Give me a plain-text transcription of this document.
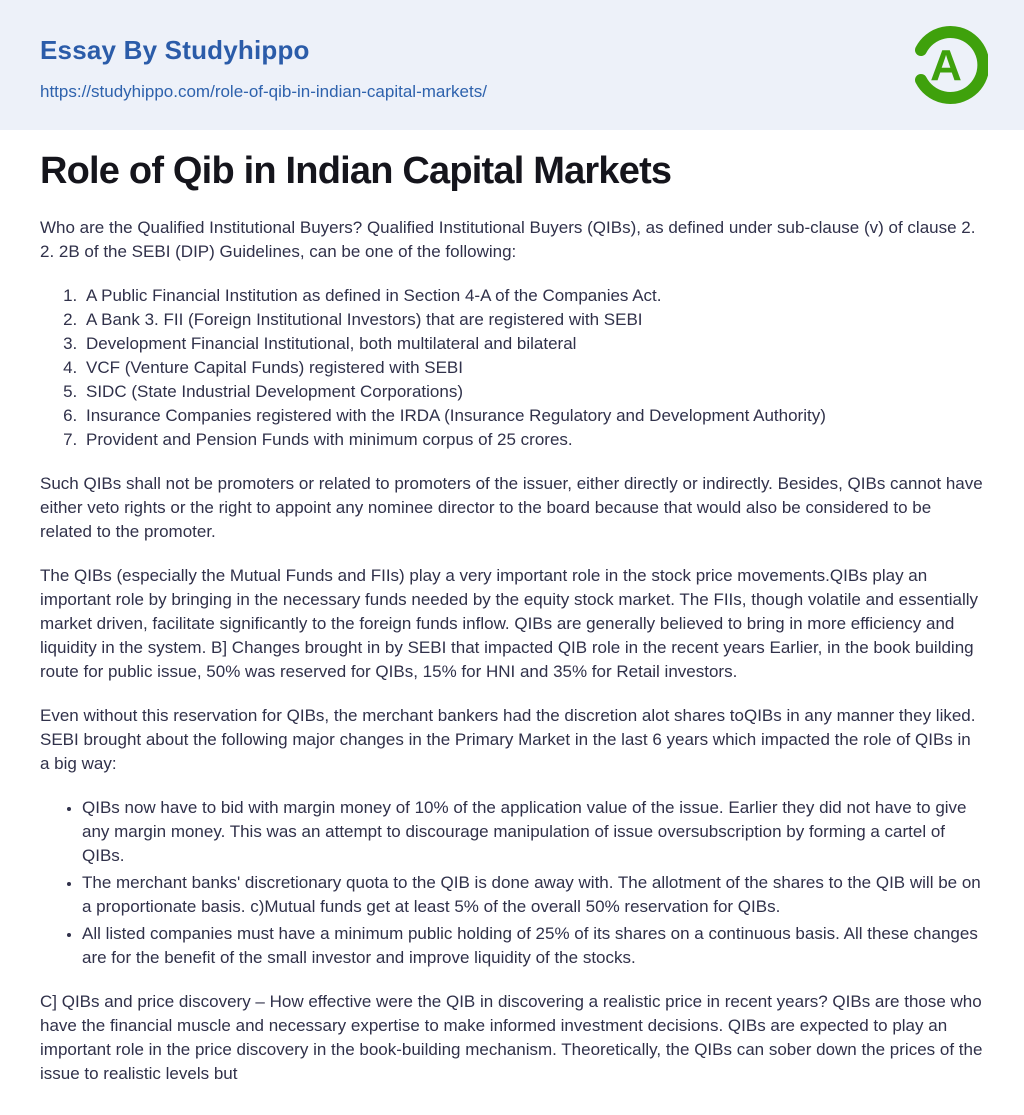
Essay By Studyhippo
https://studyhippo.com/role-of-qib-in-indian-capital-markets/
A
Role of Qib in Indian Capital Markets

Who are the Qualified Institutional Buyers? Qualified Institutional Buyers (QIBs), as defined under sub-clause (v) of clause 2. 2. 2B of the SEBI (DIP) Guidelines, can be one of the following:

1. A Public Financial Institution as defined in Section 4-A of the Companies Act.
2. A Bank 3. FII (Foreign Institutional Investors) that are registered with SEBI
3. Development Financial Institutional, both multilateral and bilateral
4. VCF (Venture Capital Funds) registered with SEBI
5. SIDC (State Industrial Development Corporations)
6. Insurance Companies registered with the IRDA (Insurance Regulatory and Development Authority)
7. Provident and Pension Funds with minimum corpus of 25 crores.

Such QIBs shall not be promoters or related to promoters of the issuer, either directly or indirectly. Besides, QIBs cannot have either veto rights or the right to appoint any nominee director to the board because that would also be considered to be related to the promoter.

The QIBs (especially the Mutual Funds and FIIs) play a very important role in the stock price movements.QIBs play an important role by bringing in the necessary funds needed by the equity stock market. The FIIs, though volatile and essentially market driven, facilitate significantly to the foreign funds inflow. QIBs are generally believed to bring in more efficiency and liquidity in the system. B] Changes brought in by SEBI that impacted QIB role in the recent years Earlier, in the book building route for public issue, 50% was reserved for QIBs, 15% for HNI and 35% for Retail investors.

Even without this reservation for QIBs, the merchant bankers had the discretion alot shares toQIBs in any manner they liked. SEBI brought about the following major changes in the Primary Market in the last 6 years which impacted the role of QIBs in a big way:

• QIBs now have to bid with margin money of 10% of the application value of the issue. Earlier they did not have to give any margin money. This was an attempt to discourage manipulation of issue oversubscription by forming a cartel of QIBs.
• The merchant banks' discretionary quota to the QIB is done away with. The allotment of the shares to the QIB will be on a proportionate basis. c)Mutual funds get at least 5% of the overall 50% reservation for QIBs.
• All listed companies must have a minimum public holding of 25% of its shares on a continuous basis. All these changes are for the benefit of the small investor and improve liquidity of the stocks.

C] QIBs and price discovery – How effective were the QIB in discovering a realistic price in recent years? QIBs are those who have the financial muscle and necessary expertise to make informed investment decisions. QIBs are expected to play an important role in the price discovery in the book-building mechanism. Theoretically, the QIBs can sober down the prices of the issue to realistic levels but
